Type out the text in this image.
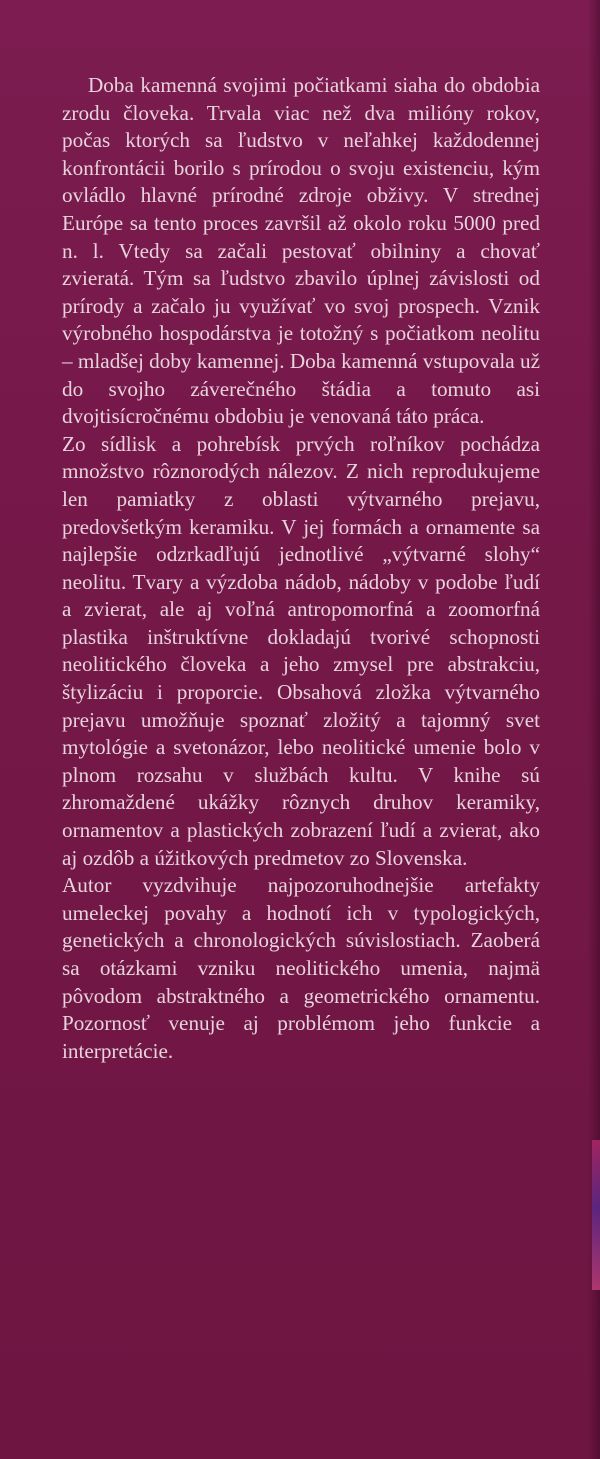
Doba kamenná svojimi počiatkami siaha do obdobia zrodu človeka. Trvala viac než dva milióny rokov, počas ktorých sa ľudstvo v neľahkej každodennej konfrontácii borilo s prírodou o svoju existenciu, kým ovládlo hlavné prírodné zdroje obživy. V strednej Európe sa tento proces završil až okolo roku 5000 pred n. l. Vtedy sa začali pestovať obilniny a chovať zvieratá. Tým sa ľudstvo zbavilo úplnej závislosti od prírody a začalo ju využívať vo svoj prospech. Vznik výrobného hospodárstva je totožný s počiatkom neolitu – mladšej doby kamennej. Doba kamenná vstupovala už do svojho záverečného štádia a tomuto asi dvojtisícročnému obdobiu je venovaná táto práca.

Zo sídlisk a pohrebísk prvých roľníkov pochádza množstvo rôznorodých nálezov. Z nich reprodukujeme len pamiatky z oblasti výtvarného prejavu, predovšetkým keramiku. V jej formách a ornamente sa najlepšie odzrkadľujú jednotlivé „výtvarné slohy“ neolitu. Tvary a výzdoba nádob, nádoby v podobe ľudí a zvierat, ale aj voľná antropomorfná a zoomorfná plastika inštruktívne dokladajú tvorivé schopnosti neolitického človeka a jeho zmysel pre abstrakciu, štylizáciu i proporcie. Obsahová zložka výtvarného prejavu umožňuje spoznať zložitý a tajomný svet mytológie a svetonázor, lebo neolitické umenie bolo v plnom rozsahu v službách kultu. V knihe sú zhromaždené ukážky rôznych druhov keramiky, ornamentov a plastických zobrazení ľudí a zvierat, ako aj ozdôb a úžitkových predmetov zo Slovenska.

Autor vyzdvihuje najpozoruhodnejšie artefakty umeleckej povahy a hodnotí ich v typologických, genetických a chronologických súvislostiach. Zaoberá sa otázkami vzniku neolitického umenia, najmä pôvodom abstraktného a geometrického ornamentu. Pozornosť venuje aj problémom jeho funkcie a interpretácie.
